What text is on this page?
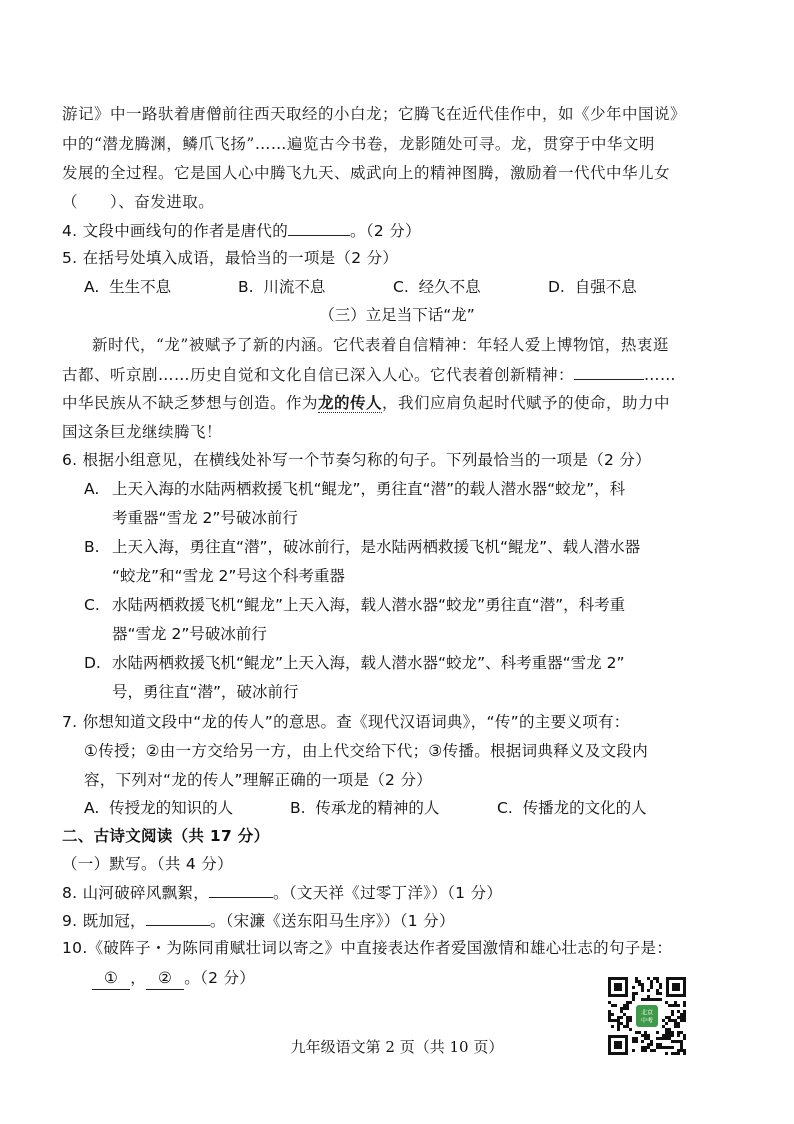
游记》中一路驮着唐僧前往西天取经的小白龙；它腾飞在近代佳作中，如《少年中国说》
中的“潜龙腾渊，鳞爪飞扬”……遍览古今书卷，龙影随处可寻。龙，贯穿于中华文明
发展的全过程。它是国人心中腾飞九天、威武向上的精神图腾，激励着一代代中华儿女
（　　）、奋发进取。
4. 文段中画线句的作者是唐代的	。（2 分）
5. 在括号处填入成语，最恰当的一项是（2 分）
A. 生生不息	B. 川流不息	C. 经久不息	D. 自强不息
（三）立足当下话“龙”
新时代，“龙”被赋予了新的内涵。它代表着自信精神：年轻人爱上博物馆，热衷逛
古都、听京剧……历史自觉和文化自信已深入人心。它代表着创新精神：	……
中华民族从不缺乏梦想与创造。作为龙的传人，我们应肩负起时代赋予的使命，助力中
国这条巨龙继续腾飞！
6. 根据小组意见，在横线处补写一个节奏匀称的句子。下列最恰当的一项是（2 分）
A. 上天入海的水陆两栖救援飞机“鲲龙”，勇往直“潜”的载人潜水器“蛟龙”，科
考重器“雪龙 2”号破冰前行
B. 上天入海，勇往直“潜”，破冰前行，是水陆两栖救援飞机“鲲龙”、载人潜水器
“蛟龙”和“雪龙 2”号这个科考重器
C. 水陆两栖救援飞机“鲲龙”上天入海，载人潜水器“蛟龙”勇往直“潜”，科考重
器“雪龙 2”号破冰前行
D. 水陆两栖救援飞机“鲲龙”上天入海，载人潜水器“蛟龙”、科考重器“雪龙 2”
号，勇往直“潜”，破冰前行
7. 你想知道文段中“龙的传人”的意思。查《现代汉语词典》，“传”的主要义项有：
①传授；②由一方交给另一方，由上代交给下代；③传播。根据词典释义及文段内
容，下列对“龙的传人”理解正确的一项是（2 分）
A. 传授龙的知识的人	B. 传承龙的精神的人	C. 传播龙的文化的人
二、古诗文阅读（共 17 分）
（一）默写。（共 4 分）
8. 山河破碎风飘絮，	。（文天祥《过零丁洋》）（1 分）
9. 既加冠，	。（宋濂《送东阳马生序》）（1 分）
10.《破阵子・为陈同甫赋壮词以寄之》中直接表达作者爱国激情和雄心壮志的句子是：
① ， ② 。（2 分）
北京
中考
九年级语文第 2 页（共 10 页）
